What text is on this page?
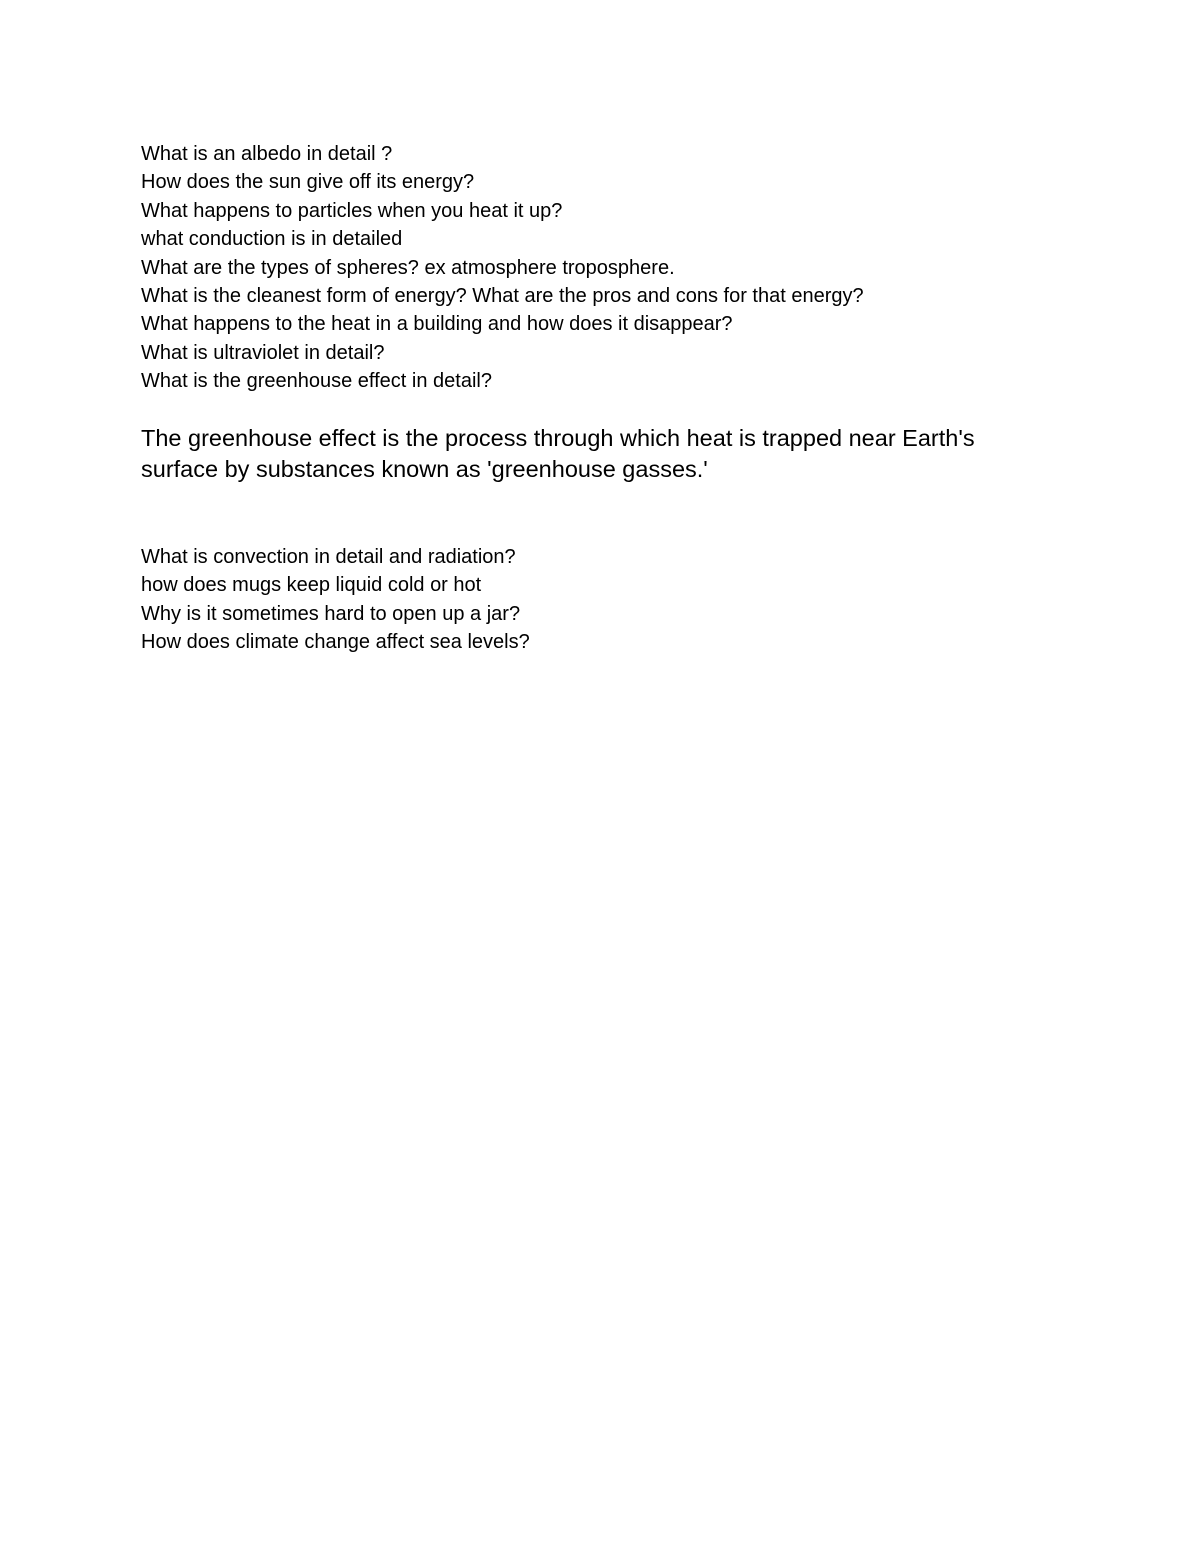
What is an albedo in detail ?
How does the sun give off its energy?
What happens to particles when you heat it up?
what conduction is in detailed
What are the types of spheres? ex atmosphere troposphere.
What is the cleanest form of energy? What are the pros and cons for that energy?
What happens to the heat in a building and how does it disappear?
What is ultraviolet in detail?
What is the greenhouse effect in detail?

The greenhouse effect is the process through which heat is trapped near Earth's surface by substances known as 'greenhouse gasses.'

What is convection in detail and radiation?
how does mugs keep liquid cold or hot
Why is it sometimes hard to open up a jar?
How does climate change affect sea levels?
